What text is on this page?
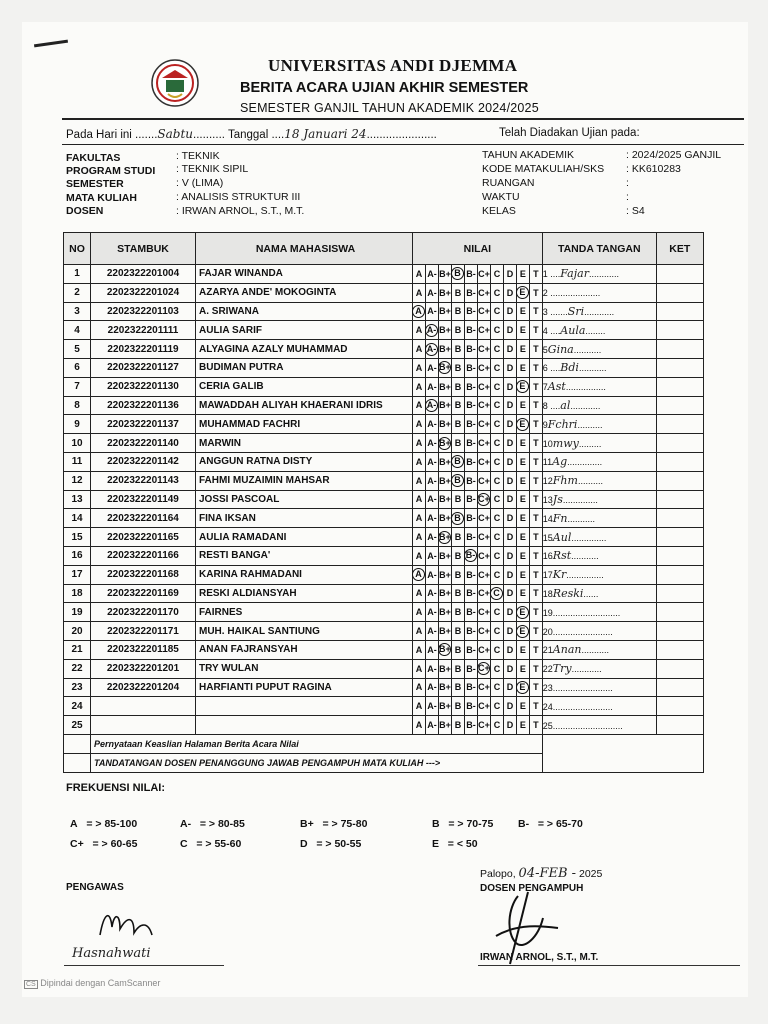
UNIVERSITAS ANDI DJEMMA
BERITA ACARA UJIAN AKHIR SEMESTER
SEMESTER GANJIL TAHUN AKADEMIK 2024/2025
Pada Hari ini .......Sabtu.......... Tanggal ....18 Januari 24......................	Telah Diadakan Ujian pada:
FAKULTAS	: TEKNIK
PROGRAM STUDI : TEKNIK SIPIL
SEMESTER	: V (LIMA)
MATA KULIAH	: ANALISIS STRUKTUR III
DOSEN	: IRWAN ARNOL, S.T., M.T.
TAHUN AKADEMIK	: 2024/2025 GANJIL
KODE MATAKULIAH/SKS : KK610283
RUANGAN	:
WAKTU	:
KELAS	: S4
NO	STAMBUK	NAMA MAHASISWA	NILAI										TANDA TANGAN	KET
1	2202322201004	FAJAR WINANDA	A	A-	B+	B	B-	C+	C	D	E	T	1 ....Fajar............	
2	2202322201024	AZARYA ANDE' MOKOGINTA	A	A-	B+	B	B-	C+	C	D	E	T	2 ....................	
3	2202322201103	A. SRIWANA	A	A-	B+	B	B-	C+	C	D	E	T	3 .......Sri............	
4	2202322201111	AULIA SARIF	A	A-	B+	B	B-	C+	C	D	E	T	4 ....Aula........	
5	2202322201119	ALYAGINA AZALY MUHAMMAD	A	A-	B+	B	B-	C+	C	D	E	T	5Gina...........	
6	2202322201127	BUDIMAN PUTRA	A	A-	B+	B	B-	C+	C	D	E	T	6 ....Bdi...........	
7	2202322201130	CERIA GALIB	A	A-	B+	B	B-	C+	C	D	E	T	7Ast................	
8	2202322201136	MAWADDAH ALIYAH KHAERANI IDRIS	A	A-	B+	B	B-	C+	C	D	E	T	8 ....al............	
9	2202322201137	MUHAMMAD FACHRI	A	A-	B+	B	B-	C+	C	D	E	T	9Fchri..........	
10	2202322201140	MARWIN	A	A-	B+	B	B-	C+	C	D	E	T	10mwy.........	
11	2202322201142	ANGGUN RATNA DISTY	A	A-	B+	B	B-	C+	C	D	E	T	11Ag..............	
12	2202322201143	FAHMI MUZAIMIN MAHSAR	A	A-	B+	B	B-	C+	C	D	E	T	12Fhm..........	
13	2202322201149	JOSSI PASCOAL	A	A-	B+	B	B-	C+	C	D	E	T	13Js..............	
14	2202322201164	FINA IKSAN	A	A-	B+	B	B-	C+	C	D	E	T	14Fn...........	
15	2202322201165	AULIA RAMADANI	A	A-	B+	B	B-	C+	C	D	E	T	15Aul..............	
16	2202322201166	RESTI BANGA'	A	A-	B+	B	B-	C+	C	D	E	T	16Rst...........	
17	2202322201168	KARINA RAHMADANI	A	A-	B+	B	B-	C+	C	D	E	T	17Kr...............	
18	2202322201169	RESKI ALDIANSYAH	A	A-	B+	B	B-	C+	C	D	E	T	18Reski......	
19	2202322201170	FAIRNES	A	A-	B+	B	B-	C+	C	D	E	T	19...........................	
20	2202322201171	MUH. HAIKAL SANTIUNG	A	A-	B+	B	B-	C+	C	D	E	T	20........................	
21	2202322201185	ANAN FAJRANSYAH	A	A-	B+	B	B-	C+	C	D	E	T	21Anan...........	
22	2202322201201	TRY WULAN	A	A-	B+	B	B-	C+	C	D	E	T	22Try............	
23	2202322201204	HARFIANTI PUPUT RAGINA	A	A-	B+	B	B-	C+	C	D	E	T	23........................	
24			A	A-	B+	B	B-	C+	C	D	E	T	24........................	
25			A	A-	B+	B	B-	C+	C	D	E	T	25............................	
	Pernyataan Keaslian Halaman Berita Acara Nilai													
	TANDATANGAN DOSEN PENANGGUNG JAWAB PENGAMPUH MATA KULIAH --->													
FREKUENSI NILAI:
A = > 85-100	A- = > 80-85	B+ = > 75-80	B = > 70-75 B- = > 65-70
C+ = > 60-65	C = > 55-60	D = > 50-55	E = < 50
Palopo, 04-FEB - 2025
DOSEN PENGAMPUH
IRWAN ARNOL, S.T., M.T.
PENGAWAS
Hasnahwati
CS Dipindai dengan CamScanner
